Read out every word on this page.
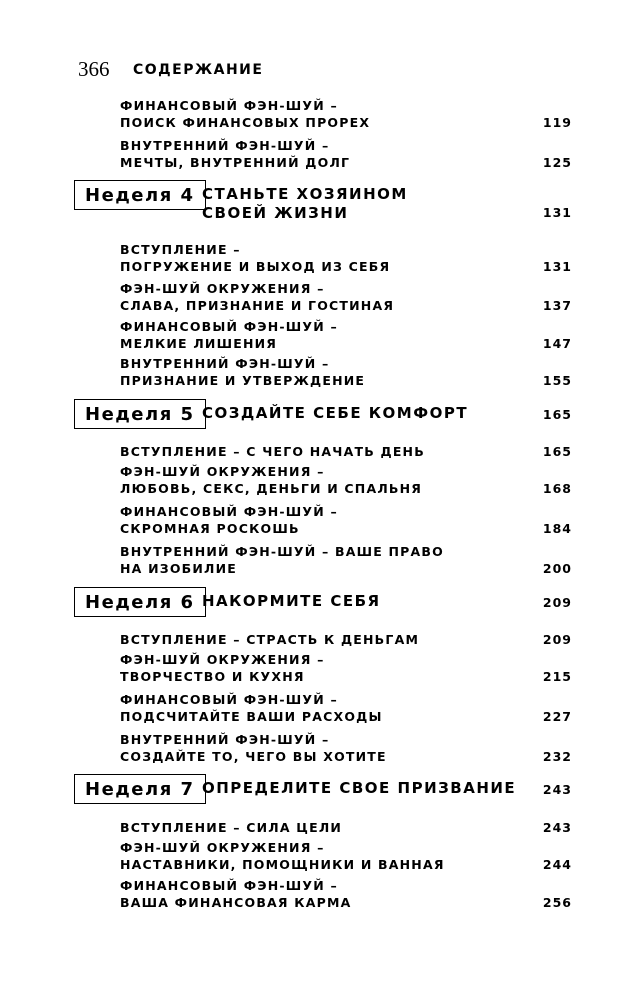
366 СОДЕРЖАНИЕ
ФИНАНСОВЫЙ ФЭН-ШУЙ –
ПОИСК ФИНАНСОВЫХ ПРОРЕХ	119
ВНУТРЕННИЙ ФЭН-ШУЙ –
МЕЧТЫ, ВНУТРЕННИЙ ДОЛГ	125
Неделя 4 СТАНЬТЕ ХОЗЯИНОМ
СВОЕЙ ЖИЗНИ	131
ВСТУПЛЕНИЕ –
ПОГРУЖЕНИЕ И ВЫХОД ИЗ СЕБЯ	131
ФЭН-ШУЙ ОКРУЖЕНИЯ –
СЛАВА, ПРИЗНАНИЕ И ГОСТИНАЯ	137
ФИНАНСОВЫЙ ФЭН-ШУЙ –
МЕЛКИЕ ЛИШЕНИЯ	147
ВНУТРЕННИЙ ФЭН-ШУЙ –
ПРИЗНАНИЕ И УТВЕРЖДЕНИЕ	155
Неделя 5 СОЗДАЙТЕ СЕБЕ КОМФОРТ	165
ВСТУПЛЕНИЕ – С ЧЕГО НАЧАТЬ ДЕНЬ	165
ФЭН-ШУЙ ОКРУЖЕНИЯ –
ЛЮБОВЬ, СЕКС, ДЕНЬГИ И СПАЛЬНЯ	168
ФИНАНСОВЫЙ ФЭН-ШУЙ –
СКРОМНАЯ РОСКОШЬ	184
ВНУТРЕННИЙ ФЭН-ШУЙ – ВАШЕ ПРАВО
НА ИЗОБИЛИЕ	200
Неделя 6 НАКОРМИТЕ СЕБЯ	209
ВСТУПЛЕНИЕ – СТРАСТЬ К ДЕНЬГАМ	209
ФЭН-ШУЙ ОКРУЖЕНИЯ –
ТВОРЧЕСТВО И КУХНЯ	215
ФИНАНСОВЫЙ ФЭН-ШУЙ –
ПОДСЧИТАЙТЕ ВАШИ РАСХОДЫ	227
ВНУТРЕННИЙ ФЭН-ШУЙ –
СОЗДАЙТЕ ТО, ЧЕГО ВЫ ХОТИТЕ	232
Неделя 7 ОПРЕДЕЛИТЕ СВОЕ ПРИЗВАНИЕ 243
ВСТУПЛЕНИЕ – СИЛА ЦЕЛИ	243
ФЭН-ШУЙ ОКРУЖЕНИЯ –
НАСТАВНИКИ, ПОМОЩНИКИ И ВАННАЯ	244
ФИНАНСОВЫЙ ФЭН-ШУЙ –
ВАША ФИНАНСОВАЯ КАРМА	256
